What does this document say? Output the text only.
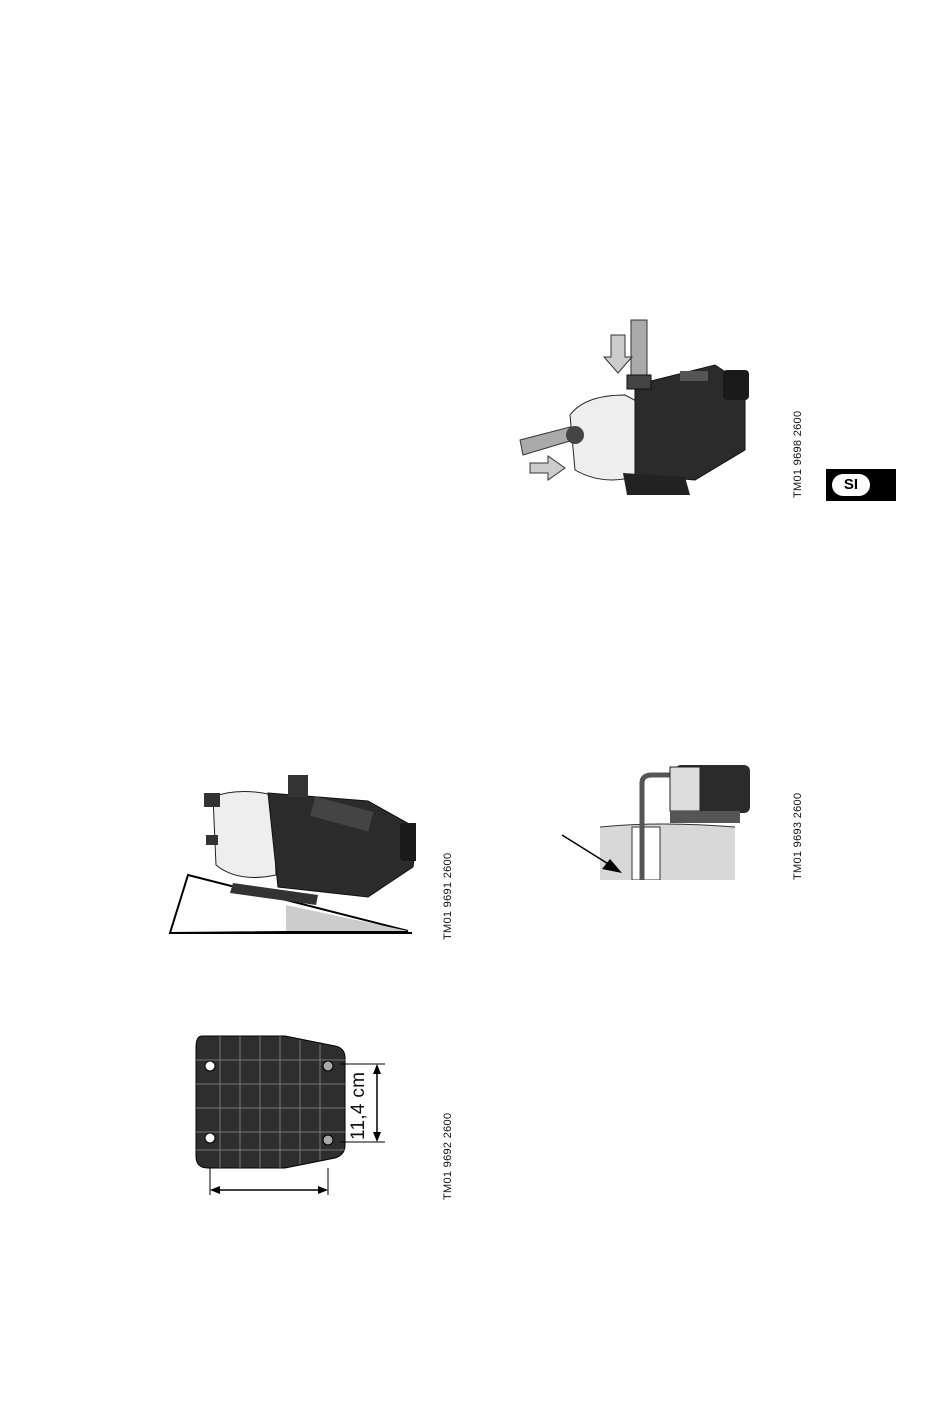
TM01 9698 2600	SI
TM01 9691 2600
TM01 9693 2600
11,4 cm
TM01 9692 2600
